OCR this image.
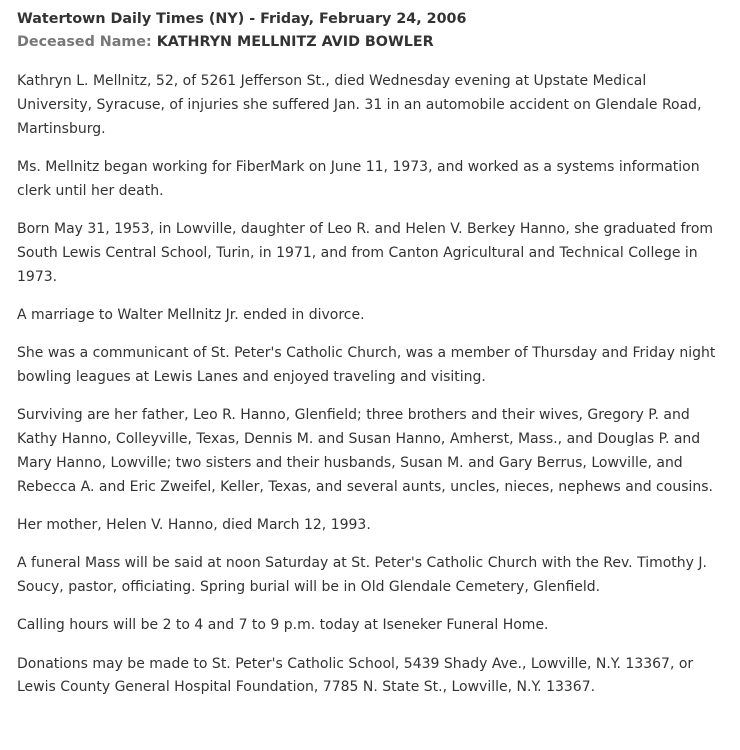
Watertown Daily Times (NY) - Friday, February 24, 2006
Deceased Name: KATHRYN MELLNITZ AVID BOWLER

Kathryn L. Mellnitz, 52, of 5261 Jefferson St., died Wednesday evening at Upstate Medical University, Syracuse, of injuries she suffered Jan. 31 in an automobile accident on Glendale Road, Martinsburg.

Ms. Mellnitz began working for FiberMark on June 11, 1973, and worked as a systems information clerk until her death.

Born May 31, 1953, in Lowville, daughter of Leo R. and Helen V. Berkey Hanno, she graduated from South Lewis Central School, Turin, in 1971, and from Canton Agricultural and Technical College in 1973.

A marriage to Walter Mellnitz Jr. ended in divorce.

She was a communicant of St. Peter's Catholic Church, was a member of Thursday and Friday night bowling leagues at Lewis Lanes and enjoyed traveling and visiting.

Surviving are her father, Leo R. Hanno, Glenfield; three brothers and their wives, Gregory P. and Kathy Hanno, Colleyville, Texas, Dennis M. and Susan Hanno, Amherst, Mass., and Douglas P. and Mary Hanno, Lowville; two sisters and their husbands, Susan M. and Gary Berrus, Lowville, and Rebecca A. and Eric Zweifel, Keller, Texas, and several aunts, uncles, nieces, nephews and cousins.

Her mother, Helen V. Hanno, died March 12, 1993.

A funeral Mass will be said at noon Saturday at St. Peter's Catholic Church with the Rev. Timothy J. Soucy, pastor, officiating. Spring burial will be in Old Glendale Cemetery, Glenfield.

Calling hours will be 2 to 4 and 7 to 9 p.m. today at Iseneker Funeral Home.

Donations may be made to St. Peter's Catholic School, 5439 Shady Ave., Lowville, N.Y. 13367, or Lewis County General Hospital Foundation, 7785 N. State St., Lowville, N.Y. 13367.
